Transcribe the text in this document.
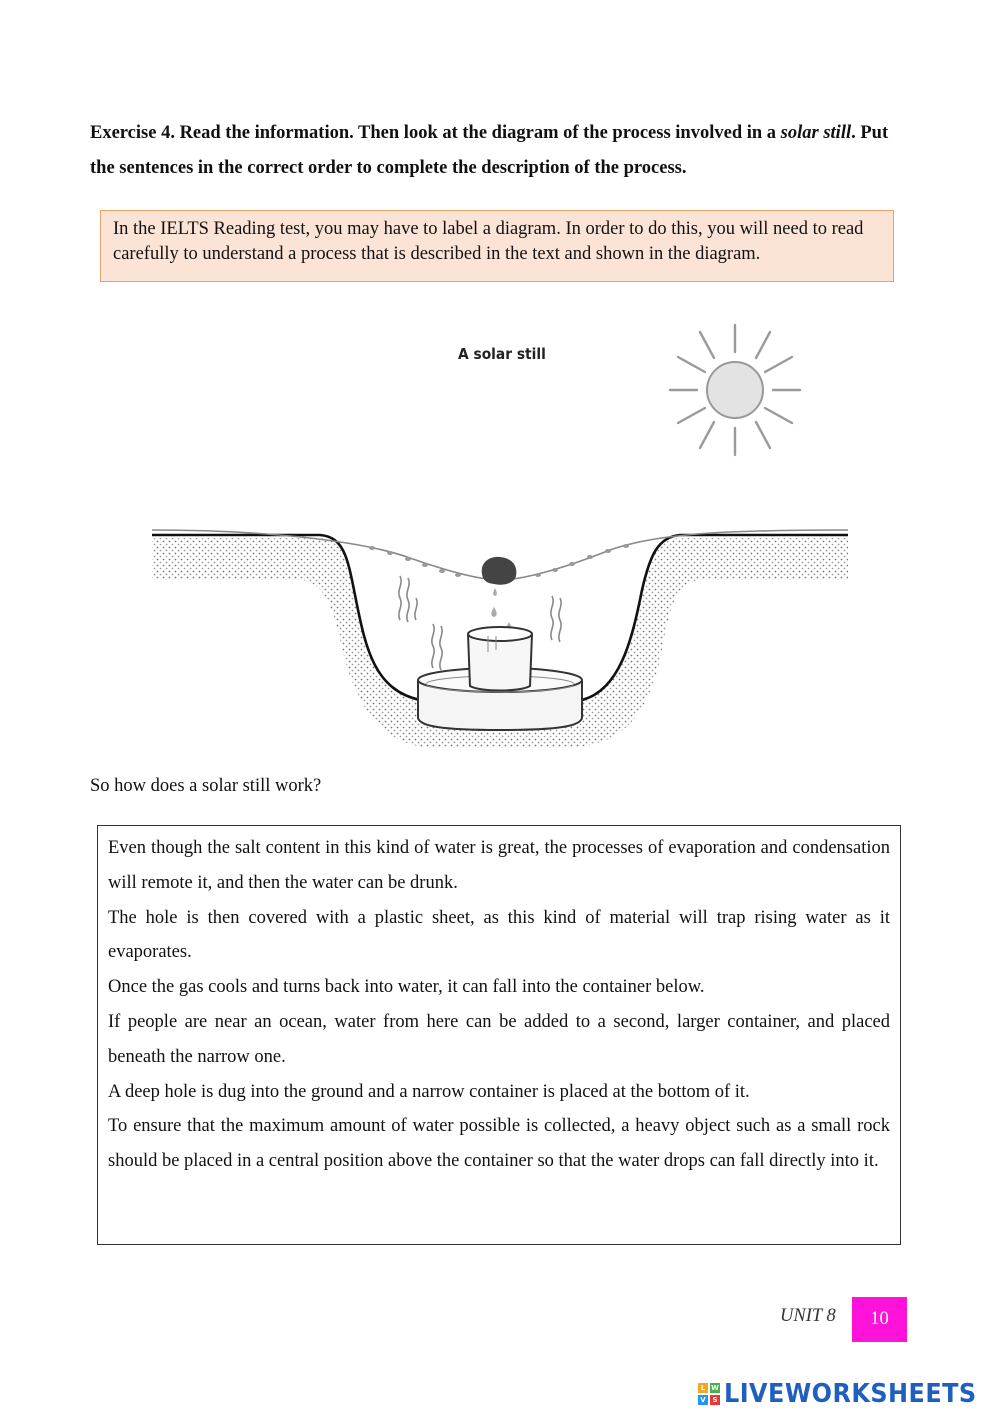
Exercise 4. Read the information. Then look at the diagram of the process involved in a solar still. Put the sentences in the correct order to complete the description of the process.

In the IELTS Reading test, you may have to label a diagram. In order to do this, you will need to read carefully to understand a process that is described in the text and shown in the diagram.
A solar still

So how does a solar still work?

Even though the salt content in this kind of water is great, the processes of evaporation and condensation will remote it, and then the water can be drunk.

The hole is then covered with a plastic sheet, as this kind of material will trap rising water as it evaporates.

Once the gas cools and turns back into water, it can fall into the container below.

If people are near an ocean, water from here can be added to a second, larger container, and placed beneath the narrow one.

A deep hole is dug into the ground and a narrow container is placed at the bottom of it.

To ensure that the maximum amount of water possible is collected, a heavy object such as a small rock should be placed in a central position above the container so that the water drops can fall directly into it.

UNIT 8 10
L W
V S LIVEWORKSHEETS
